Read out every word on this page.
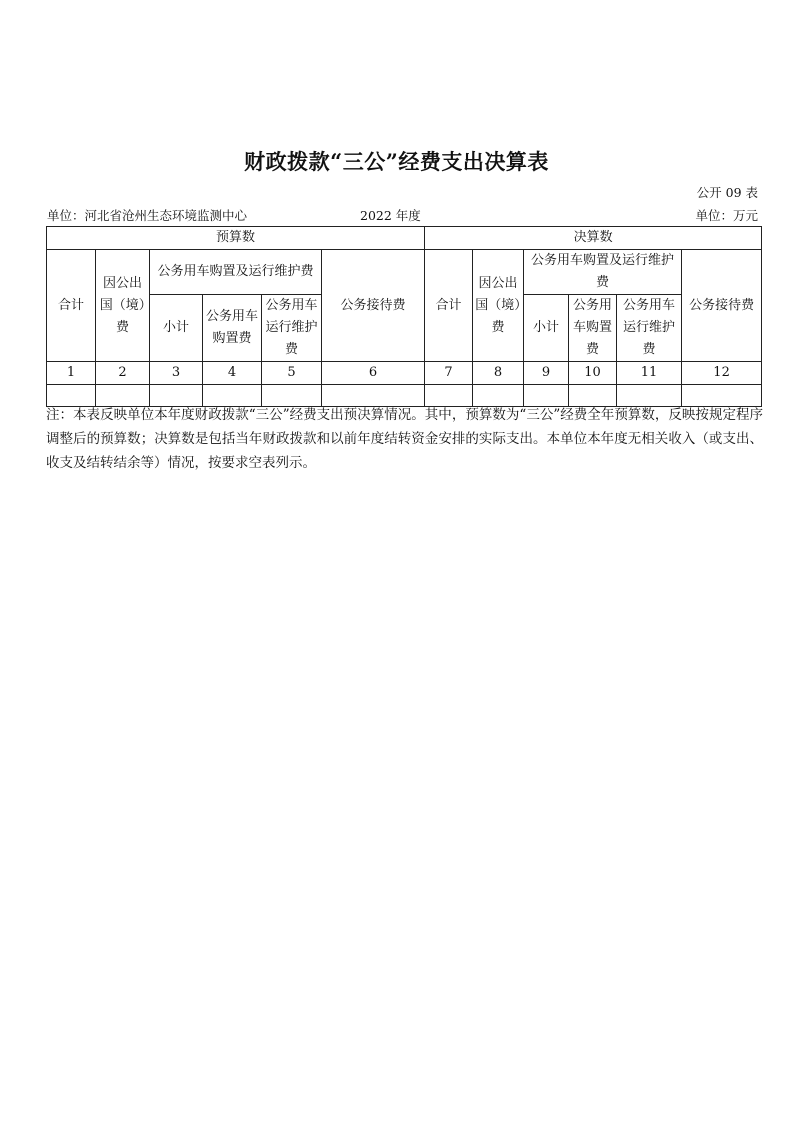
财政拨款“三公”经费支出决算表
公开 09 表
单位：河北省沧州生态环境监测中心	2022 年度	单位：万元
预算数						决算数					
合计	因公出国（境）费	公务用车购置及运行维护费			公务接待费	合计	因公出国（境）费	公务用车购置及运行维护费			公务接待费
		小计	公务用车购置费	公务用车运行维护费				小计	公务用车购置费	公务用车运行维护费	
1	2	3	4	5	6	7	8	9	10	11	12

注：本表反映单位本年度财政拨款“三公”经费支出预决算情况。其中，预算数为“三公”经费全年预算数，反映按规定程序调整后的预算数；决算数是包括当年财政拨款和以前年度结转资金安排的实际支出。本单位本年度无相关收入（或支出、收支及结转结余等）情况，按要求空表列示。
